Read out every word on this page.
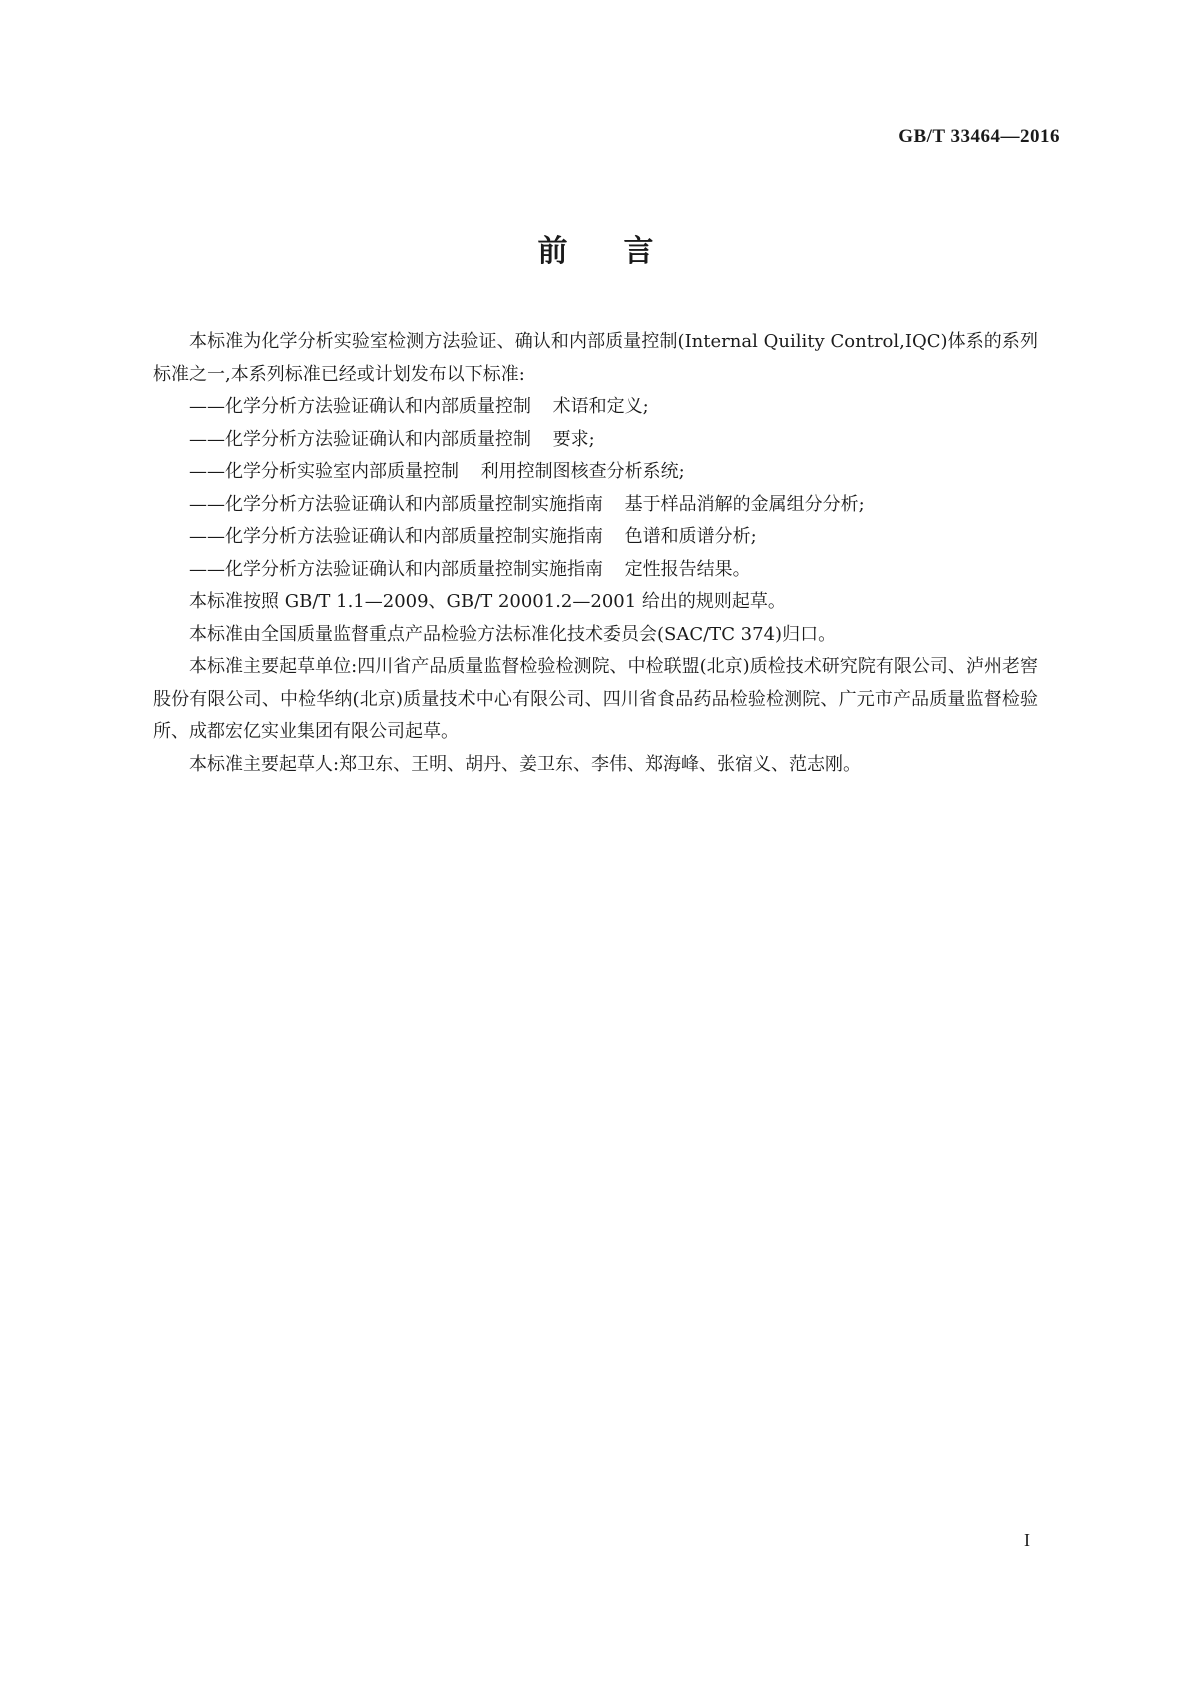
GB/T 33464—2016
前言

本标准为化学分析实验室检测方法验证、确认和内部质量控制(Internal Quility Control,IQC)体系的系列标准之一,本系列标准已经或计划发布以下标准:

——化学分析方法验证确认和内部质量控制 术语和定义;

——化学分析方法验证确认和内部质量控制 要求;

——化学分析实验室内部质量控制 利用控制图核查分析系统;

——化学分析方法验证确认和内部质量控制实施指南 基于样品消解的金属组分分析;

——化学分析方法验证确认和内部质量控制实施指南 色谱和质谱分析;

——化学分析方法验证确认和内部质量控制实施指南 定性报告结果。

本标准按照 GB/T 1.1—2009、GB/T 20001.2—2001 给出的规则起草。

本标准由全国质量监督重点产品检验方法标准化技术委员会(SAC/TC 374)归口。

本标准主要起草单位:四川省产品质量监督检验检测院、中检联盟(北京)质检技术研究院有限公司、泸州老窖股份有限公司、中检华纳(北京)质量技术中心有限公司、四川省食品药品检验检测院、广元市产品质量监督检验所、成都宏亿实业集团有限公司起草。

本标准主要起草人:郑卫东、王明、胡丹、姜卫东、李伟、郑海峰、张宿义、范志刚。

I
